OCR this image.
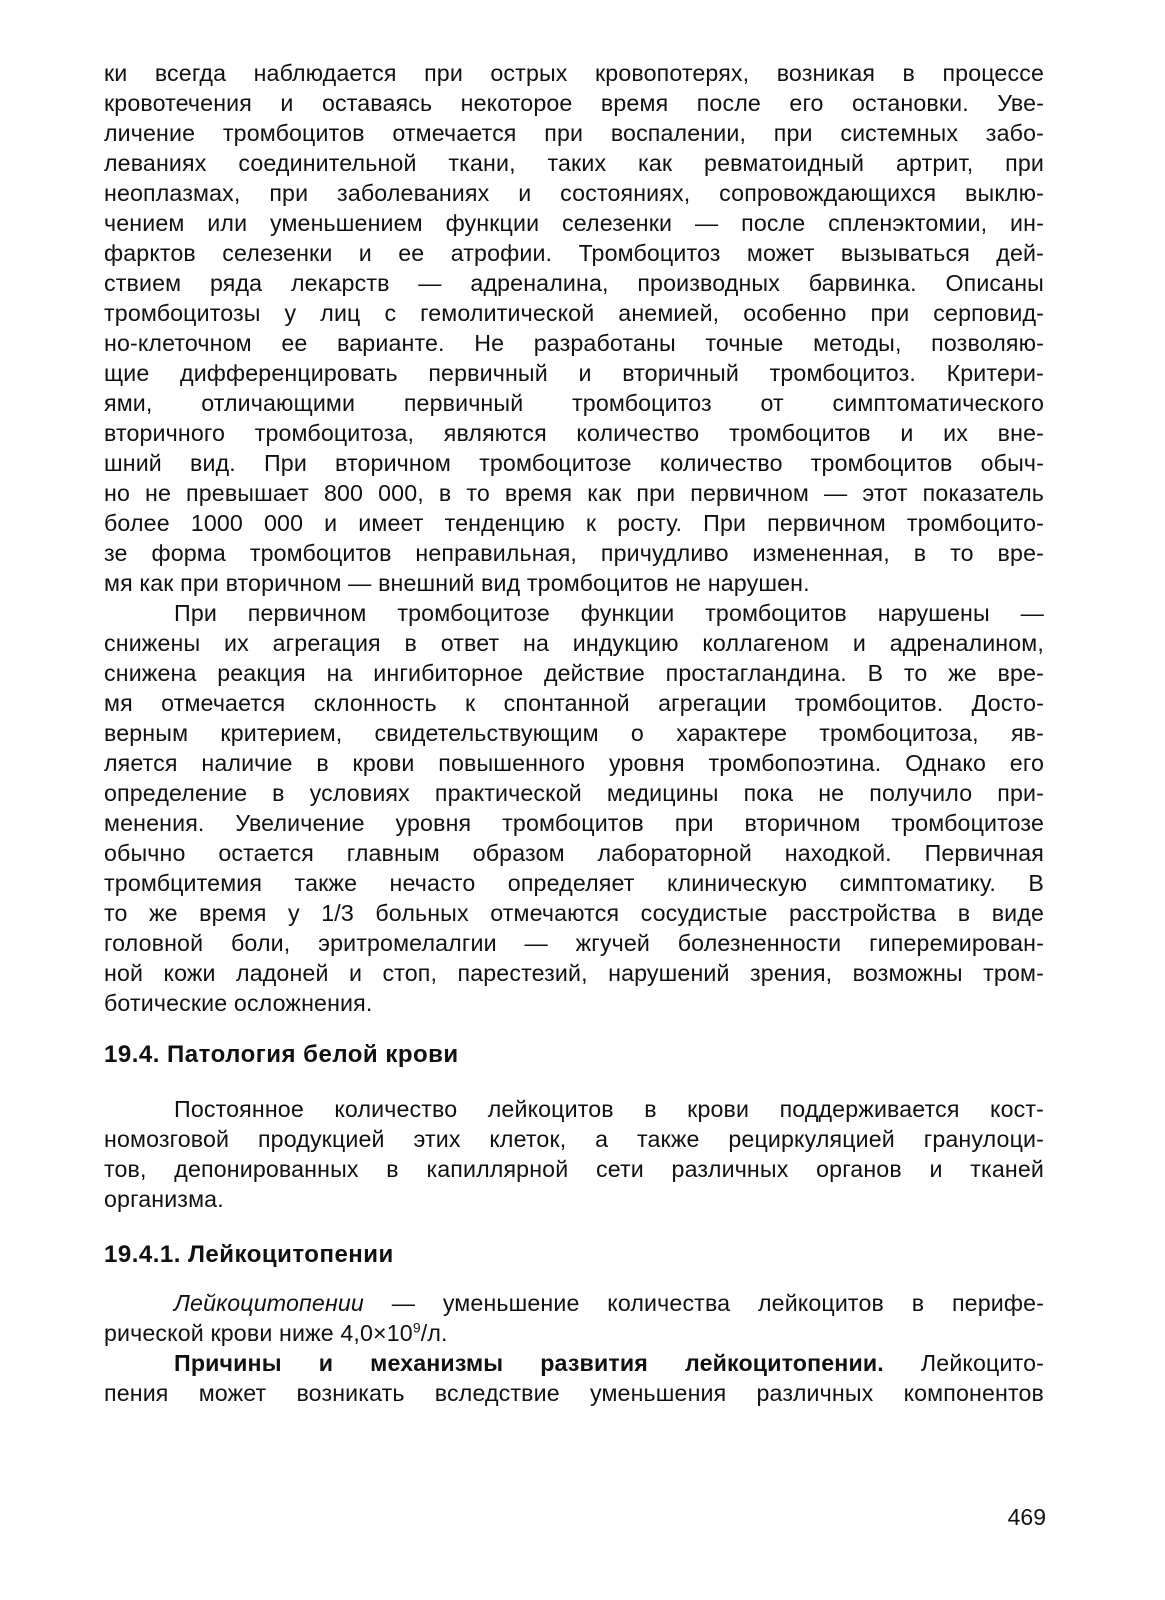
ки всегда наблюдается при острых кровопотерях, возникая в процессе
кровотечения и оставаясь некоторое время после его остановки. Уве-
личение тромбоцитов отмечается при воспалении, при системных забо-
леваниях соединительной ткани, таких как ревматоидный артрит, при
неоплазмах, при заболеваниях и состояниях, сопровождающихся выклю-
чением или уменьшением функции селезенки — после спленэктомии, ин-
фарктов селезенки и ее атрофии. Тромбоцитоз может вызываться дей-
ствием ряда лекарств — адреналина, производных барвинка. Описаны
тромбоцитозы у лиц с гемолитической анемией, особенно при серповид-
но-клеточном ее варианте. Не разработаны точные методы, позволяю-
щие дифференцировать первичный и вторичный тромбоцитоз. Критери-
ями, отличающими первичный тромбоцитоз от симптоматического
вторичного тромбоцитоза, являются количество тромбоцитов и их вне-
шний вид. При вторичном тромбоцитозе количество тромбоцитов обыч-
но не превышает 800 000, в то время как при первичном — этот показатель
более 1000 000 и имеет тенденцию к росту. При первичном тромбоцито-
зе форма тромбоцитов неправильная, причудливо измененная, в то вре-
мя как при вторичном — внешний вид тромбоцитов не нарушен.
При первичном тромбоцитозе функции тромбоцитов нарушены —
снижены их агрегация в ответ на индукцию коллагеном и адреналином,
снижена реакция на ингибиторное действие простагландина. В то же вре-
мя отмечается склонность к спонтанной агрегации тромбоцитов. Досто-
верным критерием, свидетельствующим о характере тромбоцитоза, яв-
ляется наличие в крови повышенного уровня тромбопоэтина. Однако его
определение в условиях практической медицины пока не получило при-
менения. Увеличение уровня тромбоцитов при вторичном тромбоцитозе
обычно остается главным образом лабораторной находкой. Первичная
тромбцитемия также нечасто определяет клиническую симптоматику. В
то же время у 1/3 больных отмечаются сосудистые расстройства в виде
головной боли, эритромелалгии — жгучей болезненности гиперемирован-
ной кожи ладоней и стоп, парестезий, нарушений зрения, возможны тром-
ботические осложнения.
19.4. Патология белой крови
Постоянное количество лейкоцитов в крови поддерживается кост-
номозговой продукцией этих клеток, а также рециркуляцией гранулоци-
тов, депонированных в капиллярной сети различных органов и тканей
организма.
19.4.1. Лейкоцитопении
Лейкоцитопении — уменьшение количества лейкоцитов в перифе-
рической крови ниже $4,0\times 10^9/л$.
Причины и механизмы развития лейкоцитопении. Лейкоцито-
пения может возникать вследствие уменьшения различных компонентов
469
